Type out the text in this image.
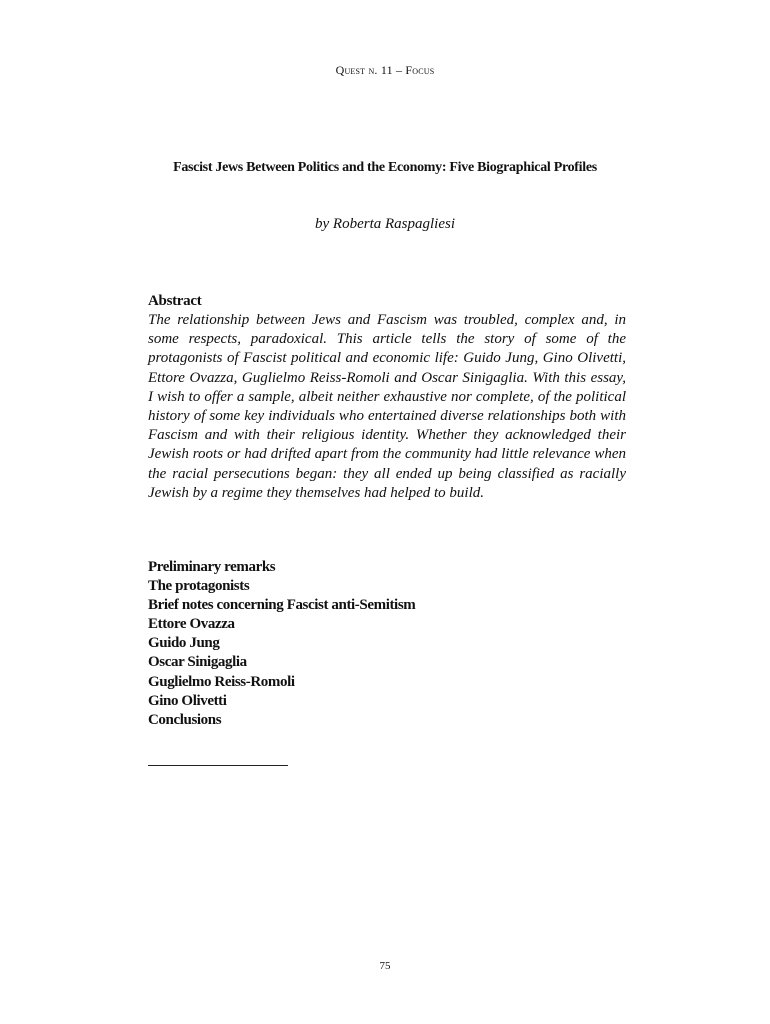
Quest n. 11 – Focus
Fascist Jews Between Politics and the Economy: Five Biographical Profiles
by Roberta Raspagliesi
Abstract

The relationship between Jews and Fascism was troubled, complex and, in some respects, paradoxical. This article tells the story of some of the protagonists of Fascist political and economic life: Guido Jung, Gino Olivetti, Ettore Ovazza, Guglielmo Reiss-Romoli and Oscar Sinigaglia. With this essay, I wish to offer a sample, albeit neither exhaustive nor complete, of the political history of some key individuals who entertained diverse relationships both with Fascism and with their religious identity. Whether they acknowledged their Jewish roots or had drifted apart from the community had little relevance when the racial persecutions began: they all ended up being classified as racially Jewish by a regime they themselves had helped to build.

Preliminary remarks
The protagonists
Brief notes concerning Fascist anti-Semitism
Ettore Ovazza
Guido Jung
Oscar Sinigaglia
Guglielmo Reiss-Romoli
Gino Olivetti
Conclusions
75
